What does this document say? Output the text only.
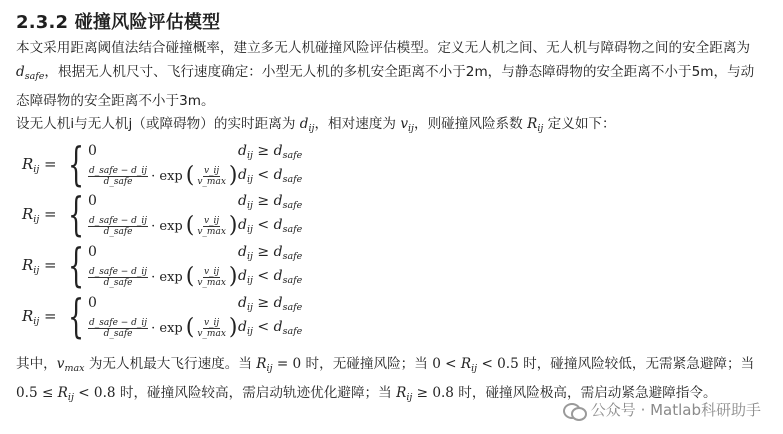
2.3.2 碰撞风险评估模型
本文采用距离阈值法结合碰撞概率，建立多无人机碰撞风险评估模型。定义无人机之间、无人机与障碍物之间的安全距离为 $d_{safe}$，根据无人机尺寸、飞行速度确定：小型无人机的多机安全距离不小于2m，与静态障碍物的安全距离不小于5m，与动态障碍物的安全距离不小于3m。
设无人机i与无人机j（或障碍物）的实时距离为 $d_{ij}$，相对速度为 $v_{ij}$，则碰撞风险系数 $R_{ij}$ 定义如下：
$R_{ij}$ = { 0	$d_{ij} \ge d_{safe}$
$\frac{\text{d\_safe − d\_ij}}{\text{d\_safe}} \cdot \exp$ ( $\frac{v\_ij}{v\_\max}$ ) $d_{ij} < d_{safe}$
$R_{ij}$ = { 0	$d_{ij} \ge d_{safe}$
$\frac{\text{d\_safe − d\_ij}}{\text{d\_safe}} \cdot \exp$ ( $\frac{v\_ij}{v\_\max}$ ) $d_{ij} < d_{safe}$
$R_{ij}$ = { 0	$d_{ij} \ge d_{safe}$
$\frac{\text{d\_safe − d\_ij}}{\text{d\_safe}} \cdot \exp$ ( $\frac{v\_ij}{v\_\max}$ ) $d_{ij} < d_{safe}$
$R_{ij}$ = { 0	$d_{ij} \ge d_{safe}$
$\frac{\text{d\_safe − d\_ij}}{\text{d\_safe}} \cdot \exp$ ( $\frac{v\_ij}{v\_\max}$ ) $d_{ij} < d_{safe}$
其中，$v_{max}$ 为无人机最大飞行速度。当 $R_{ij} = 0$ 时，无碰撞风险；当 $0 < R_{ij} < 0.5$ 时，碰撞风险较低，无需紧急避障；当 $0.5 \le R_{ij} < 0.8$ 时，碰撞风险较高，需启动轨迹优化避障；当 $R_{ij} \ge 0.8$ 时，碰撞风险极高，需启动紧急避障指令。
公众号 · Matlab科研助手
